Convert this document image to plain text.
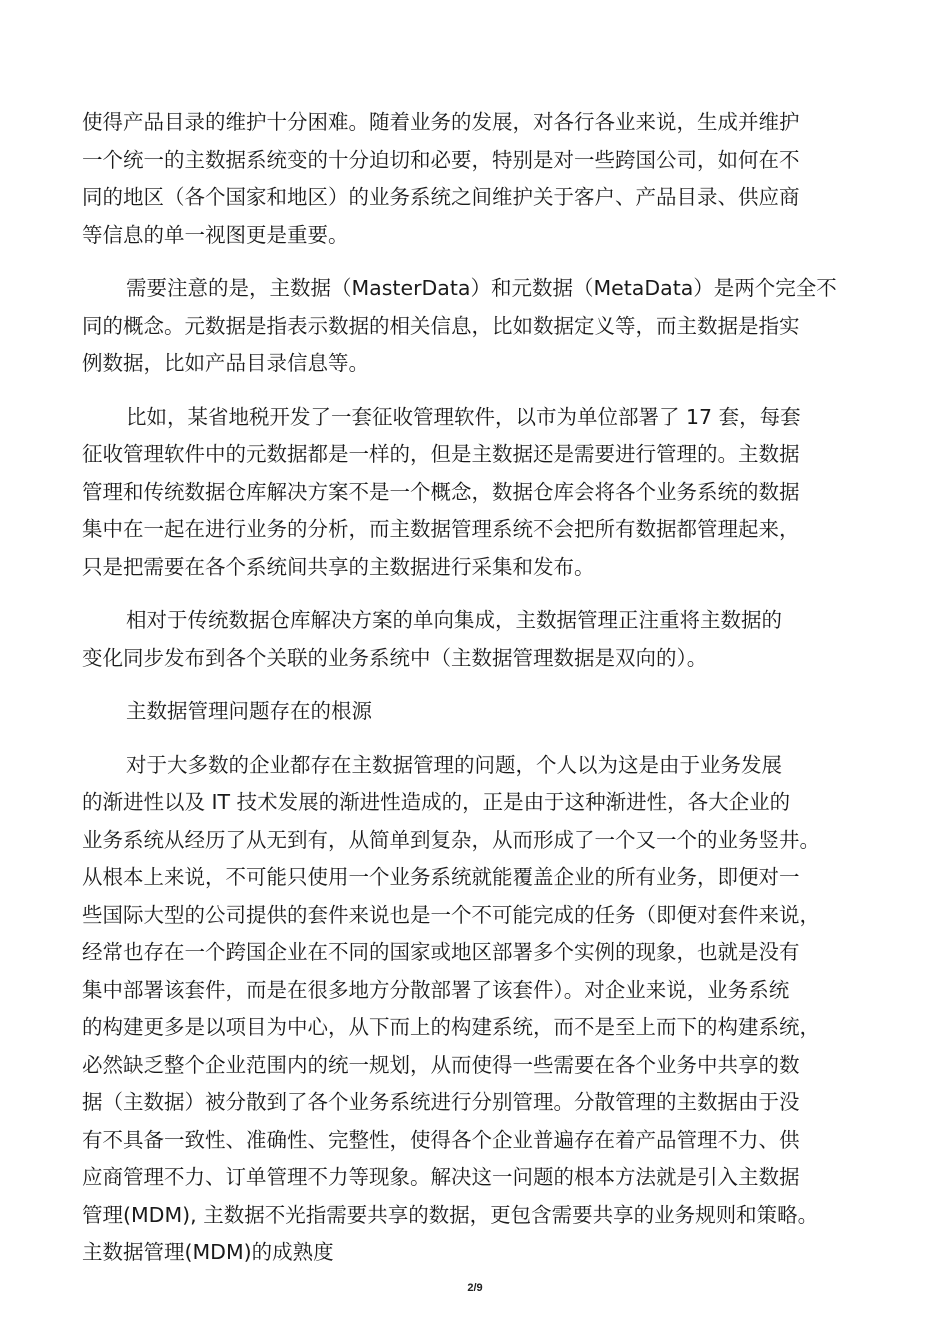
使得产品目录的维护十分困难。随着业务的发展，对各行各业来说，生成并维护
一个统一的主数据系统变的十分迫切和必要，特别是对一些跨国公司，如何在不
同的地区（各个国家和地区）的业务系统之间维护关于客户、产品目录、供应商
等信息的单一视图更是重要。
需要注意的是，主数据（MasterData）和元数据（MetaData）是两个完全不
同的概念。元数据是指表示数据的相关信息，比如数据定义等，而主数据是指实
例数据，比如产品目录信息等。
比如，某省地税开发了一套征收管理软件，以市为单位部署了 17 套，每套
征收管理软件中的元数据都是一样的，但是主数据还是需要进行管理的。主数据
管理和传统数据仓库解决方案不是一个概念，数据仓库会将各个业务系统的数据
集中在一起在进行业务的分析，而主数据管理系统不会把所有数据都管理起来，
只是把需要在各个系统间共享的主数据进行采集和发布。
相对于传统数据仓库解决方案的单向集成，主数据管理正注重将主数据的
变化同步发布到各个关联的业务系统中（主数据管理数据是双向的）。
主数据管理问题存在的根源
对于大多数的企业都存在主数据管理的问题，个人以为这是由于业务发展
的渐进性以及 IT 技术发展的渐进性造成的，正是由于这种渐进性，各大企业的
业务系统从经历了从无到有，从简单到复杂，从而形成了一个又一个的业务竖井。
从根本上来说，不可能只使用一个业务系统就能覆盖企业的所有业务，即便对一
些国际大型的公司提供的套件来说也是一个不可能完成的任务（即便对套件来说，
经常也存在一个跨国企业在不同的国家或地区部署多个实例的现象，也就是没有
集中部署该套件，而是在很多地方分散部署了该套件）。对企业来说，业务系统
的构建更多是以项目为中心，从下而上的构建系统，而不是至上而下的构建系统，
必然缺乏整个企业范围内的统一规划，从而使得一些需要在各个业务中共享的数
据（主数据）被分散到了各个业务系统进行分别管理。分散管理的主数据由于没
有不具备一致性、准确性、完整性，使得各个企业普遍存在着产品管理不力、供
应商管理不力、订单管理不力等现象。解决这一问题的根本方法就是引入主数据
管理(MDM), 主数据不光指需要共享的数据，更包含需要共享的业务规则和策略。
主数据管理(MDM)的成熟度
2/9
